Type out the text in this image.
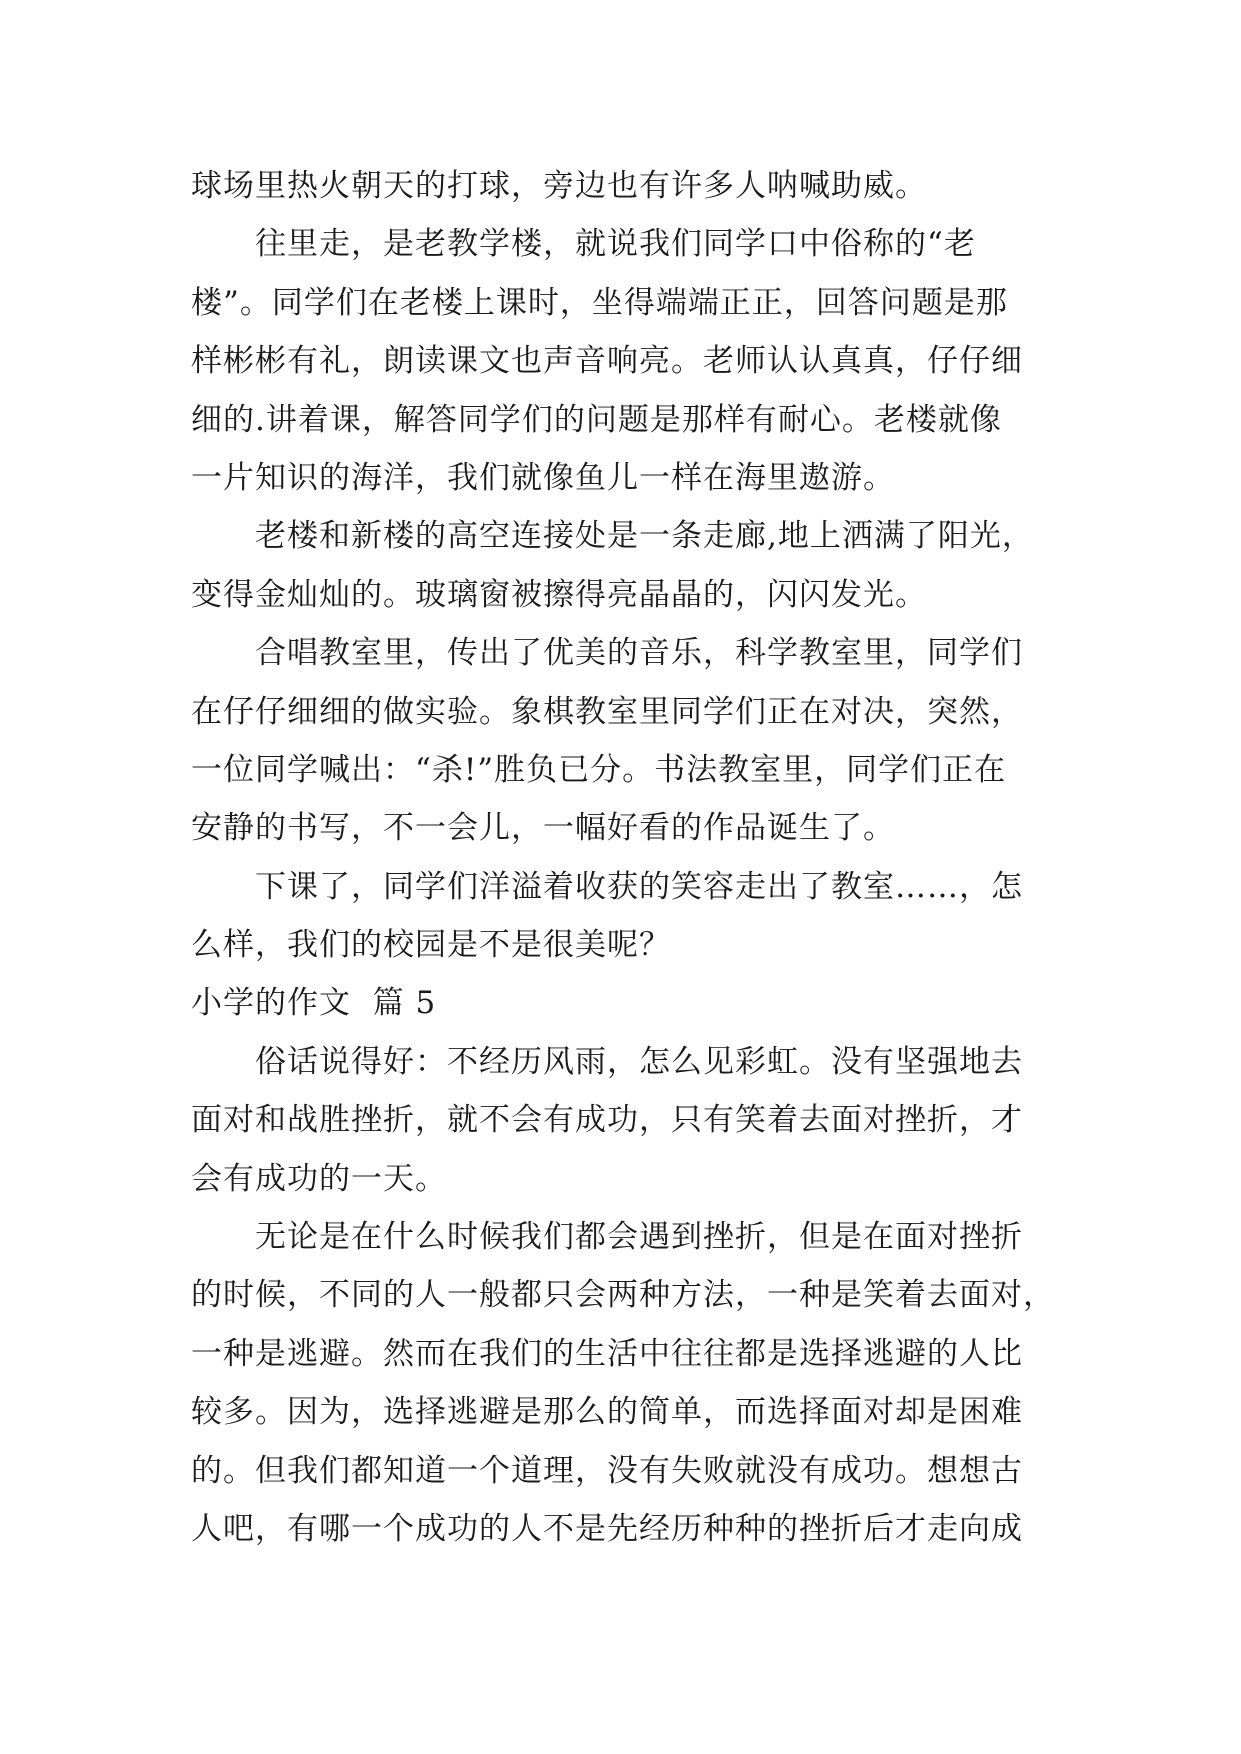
球场里热火朝天的打球，旁边也有许多人呐喊助威。

往里走，是老教学楼，就说我们同学口中俗称的“老

楼”。同学们在老楼上课时，坐得端端正正，回答问题是那

样彬彬有礼，朗读课文也声音响亮。老师认认真真，仔仔细

细的.讲着课，解答同学们的问题是那样有耐心。老楼就像

一片知识的海洋，我们就像鱼儿一样在海里遨游。

老楼和新楼的高空连接处是一条走廊,地上洒满了阳光，

变得金灿灿的。玻璃窗被擦得亮晶晶的，闪闪发光。

合唱教室里，传出了优美的音乐，科学教室里，同学们

在仔仔细细的做实验。象棋教室里同学们正在对决，突然，

一位同学喊出：“杀!”胜负已分。书法教室里，同学们正在

安静的书写，不一会儿，一幅好看的作品诞生了。

下课了，同学们洋溢着收获的笑容走出了教室……，怎

么样，我们的校园是不是很美呢？

小学的作文  篇 5

俗话说得好：不经历风雨，怎么见彩虹。没有坚强地去

面对和战胜挫折，就不会有成功，只有笑着去面对挫折，才

会有成功的一天。

无论是在什么时候我们都会遇到挫折，但是在面对挫折

的时候，不同的人一般都只会两种方法，一种是笑着去面对，

一种是逃避。然而在我们的生活中往往都是选择逃避的人比

较多。因为，选择逃避是那么的简单，而选择面对却是困难

的。但我们都知道一个道理，没有失败就没有成功。想想古

人吧，有哪一个成功的人不是先经历种种的挫折后才走向成
